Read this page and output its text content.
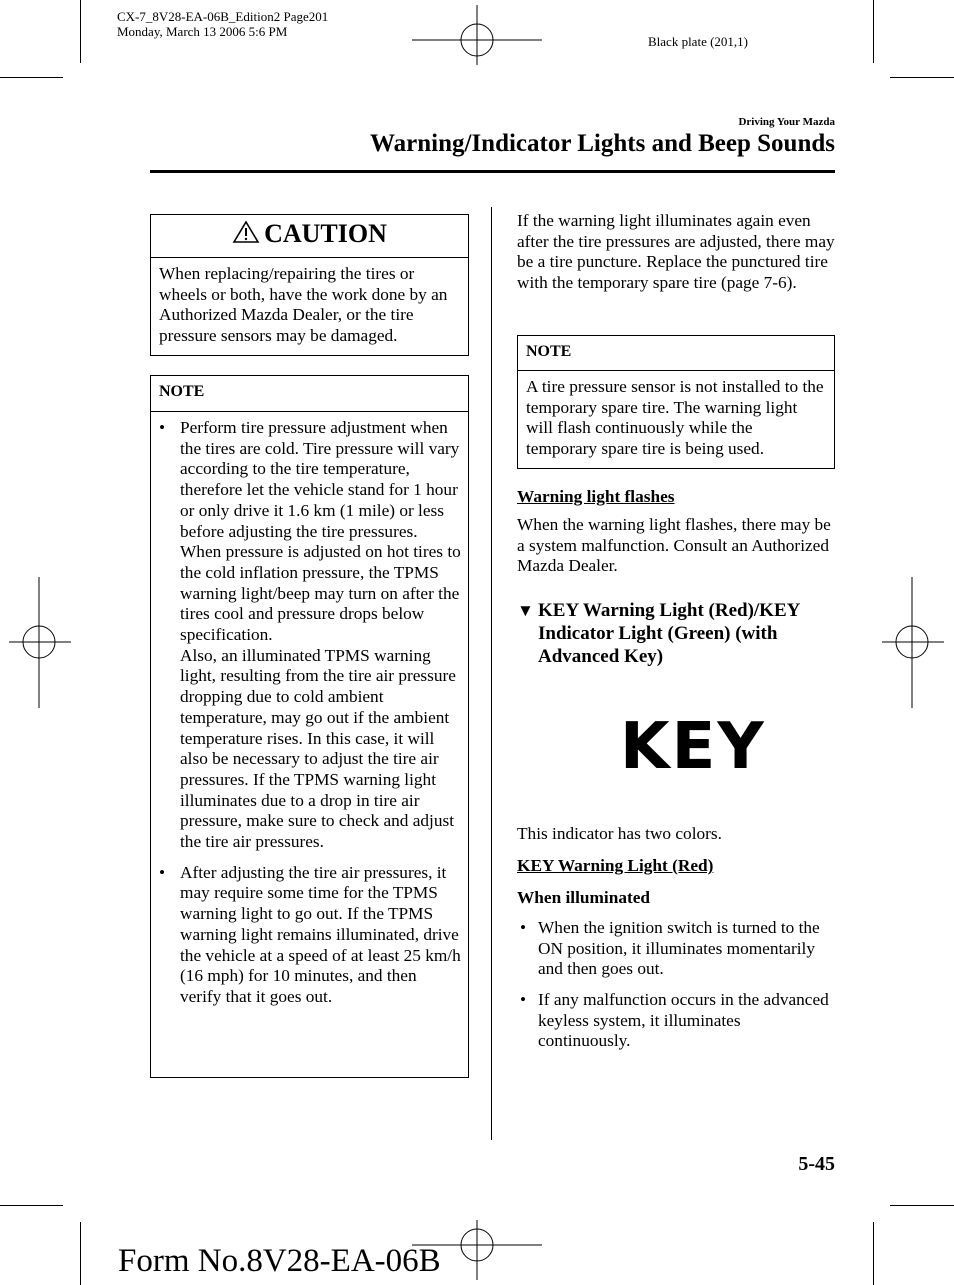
CX-7_8V28-EA-06B_Edition2 Page201
Monday, March 13 2006 5:6 PM
Black plate (201,1)
Driving Your Mazda
Warning/Indicator Lights and Beep Sounds
CAUTION
When replacing/repairing the tires or wheels or both, have the work done by an Authorized Mazda Dealer, or the tire pressure sensors may be damaged.
NOTE
• Perform tire pressure adjustment when the tires are cold. Tire pressure will vary according to the tire temperature, therefore let the vehicle stand for 1 hour or only drive it 1.6 km (1 mile) or less before adjusting the tire pressures. When pressure is adjusted on hot tires to the cold inflation pressure, the TPMS warning light/beep may turn on after the tires cool and pressure drops below specification.
Also, an illuminated TPMS warning light, resulting from the tire air pressure dropping due to cold ambient temperature, may go out if the ambient temperature rises. In this case, it will also be necessary to adjust the tire air pressures. If the TPMS warning light illuminates due to a drop in tire air pressure, make sure to check and adjust the tire air pressures.
• After adjusting the tire air pressures, it may require some time for the TPMS warning light to go out. If the TPMS warning light remains illuminated, drive the vehicle at a speed of at least 25 km/h (16 mph) for 10 minutes, and then verify that it goes out.
If the warning light illuminates again even after the tire pressures are adjusted, there may be a tire puncture. Replace the punctured tire with the temporary spare tire (page 7-6).
NOTE
A tire pressure sensor is not installed to the temporary spare tire. The warning light will flash continuously while the temporary spare tire is being used.
Warning light flashes
When the warning light flashes, there may be a system malfunction. Consult an Authorized Mazda Dealer.
▼ KEY Warning Light (Red)/KEY Indicator Light (Green) (with Advanced Key)
KEY
This indicator has two colors.
KEY Warning Light (Red)
When illuminated
• When the ignition switch is turned to the ON position, it illuminates momentarily and then goes out.
• If any malfunction occurs in the advanced keyless system, it illuminates continuously.
5-45
Form No.8V28-EA-06B
